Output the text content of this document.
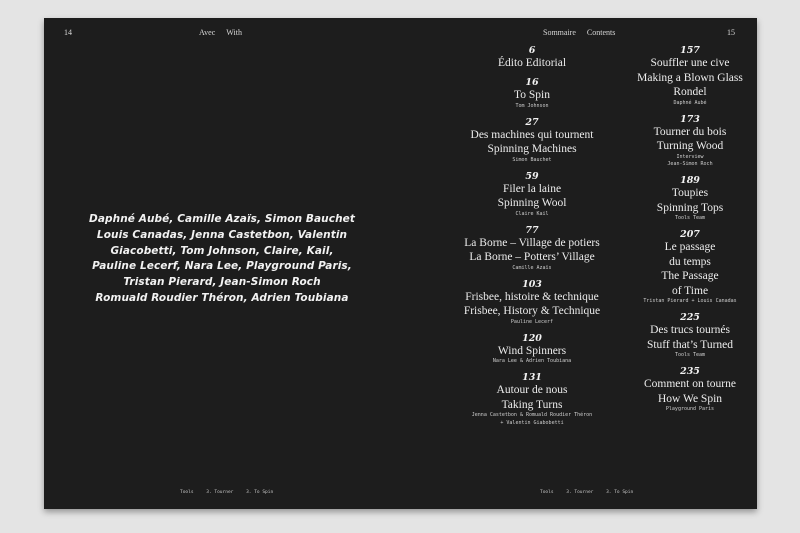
14	Avec With
Daphné Aubé, Camille Azaïs, Simon Bauchet
Louis Canadas, Jenna Castetbon, Valentin
Giacobetti, Tom Johnson, Claire, Kail,
Pauline Lecerf, Nara Lee, Playground Paris,
Tristan Pierard, Jean-Simon Roch
Romuald Roudier Théron, Adrien Toubiana
Tools	3. Tourner	3. To Spin
Sommaire Contents	15
6
Édito Editorial
16
To Spin
Tom Johnson
27
Des machines qui tournent
Spinning Machines
Simon Bauchet
59
Filer la laine
Spinning Wool
Claire Kail
77
La Borne – Village de potiers
La Borne – Potters’ Village
Camille Azaïs
103
Frisbee, histoire & technique
Frisbee, History & Technique
Pauline Lecerf
120
Wind Spinners
Nara Lee & Adrien Toubiana
131
Autour de nous
Taking Turns
Jenna Castetbon & Romuald Roudier Théron
+ Valentin Giabobetti
157
Souffler une cive
Making a Blown Glass
Rondel
Daphné Aubé
173
Tourner du bois
Turning Wood
Interview
Jean-Simon Roch
189
Toupies
Spinning Tops
Tools Team
207
Le passage
du temps
The Passage
of Time
Tristan Pierard + Louis Canadas
225
Des trucs tournés
Stuff that’s Turned
Tools Team
235
Comment on tourne
How We Spin
Playground Paris
Tools	3. Tourner	3. To Spin
